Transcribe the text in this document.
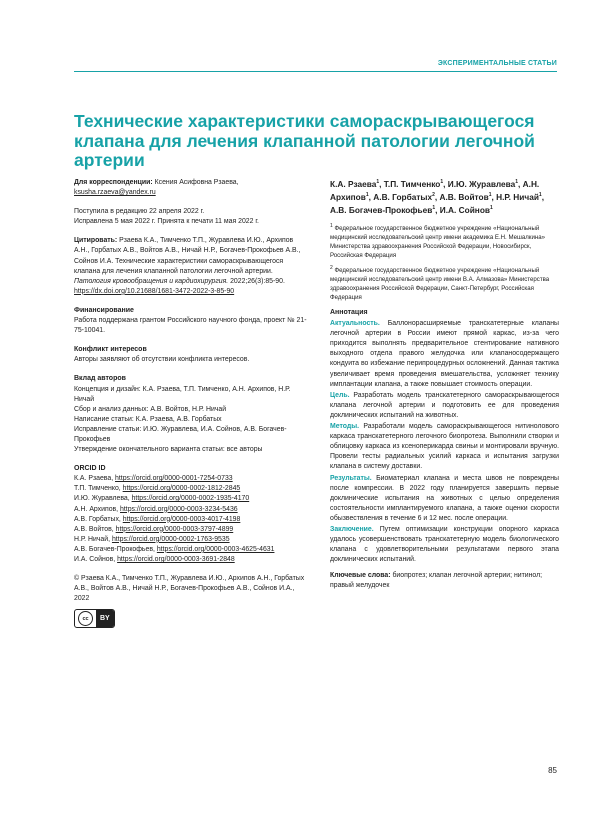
ЭКСПЕРИМЕНТАЛЬНЫЕ СТАТЬИ
Технические характеристики самораскрывающегося клапана для лечения клапанной патологии легочной артерии

Для корреспонденции: Ксения Асифовна Рзаева,

ksusha.rzaeva@yandex.ru

Поступила в редакцию 22 апреля 2022 г.

Исправлена 5 мая 2022 г. Принята к печати 11 мая 2022 г.

Цитировать: Рзаева К.А., Тимченко Т.П., Журавлева И.Ю., Архипов А.Н., Горбатых А.В., Войтов А.В., Ничай Н.Р., Богачев-Прокофьев А.В., Сойнов И.А. Технические характеристики самораскрывающегося клапана для лечения клапанной патологии легочной артерии. Патология кровообращения и кардиохирургия. 2022;26(3):85-90. https://dx.doi.org/10.21688/1681-3472-2022-3-85-90

Финансирование

Работа поддержана грантом Российского научного фонда, проект № 21-75-10041.

Конфликт интересов

Авторы заявляют об отсутствии конфликта интересов.

Вклад авторов

Концепция и дизайн: К.А. Рзаева, Т.П. Тимченко, А.Н. Архипов, Н.Р. Ничай

Сбор и анализ данных: А.В. Войтов, Н.Р. Ничай

Написание статьи: К.А. Рзаева, А.В. Горбатых

Исправление статьи: И.Ю. Журавлева, И.А. Сойнов, А.В. Богачев-Прокофьев

Утверждение окончательного варианта статьи: все авторы

ORCID ID

К.А. Рзаева, https://orcid.org/0000-0001-7254-0733

Т.П. Тимченко, https://orcid.org/0000-0002-1812-2845

И.Ю. Журавлева, https://orcid.org/0000-0002-1935-4170

А.Н. Архипов, https://orcid.org/0000-0003-3234-5436

А.В. Горбатых, https://orcid.org/0000-0003-4017-4198

А.В. Войтов, https://orcid.org/0000-0003-3797-4899

Н.Р. Ничай, https://orcid.org/0000-0002-1763-9535

А.В. Богачев-Прокофьев, https://orcid.org/0000-0003-4625-4631

И.А. Сойнов, https://orcid.org/0000-0003-3691-2848

© Рзаева К.А., Тимченко Т.П., Журавлева И.Ю., Архипов А.Н., Горбатых А.В., Войтов А.В., Ничай Н.Р., Богачев-Прокофьев А.В., Сойнов И.А., 2022

cc	BY

К.А. Рзаева$^1$, Т.П. Тимченко$^1$, И.Ю. Журавлева$^1$, А.Н. Архипов$^1$, А.В. Горбатых$^2$, А.В. Войтов$^1$, Н.Р. Ничай$^1$, А.В. Богачев-Прокофьев$^1$, И.А. Сойнов$^1$

$^1$ Федеральное государственное бюджетное учреждение «Национальный медицинский исследовательский центр имени академика Е.Н. Мешалкина» Министерства здравоохранения Российской Федерации, Новосибирск, Российская Федерация

$^2$ Федеральное государственное бюджетное учреждение «Национальный медицинский исследовательский центр имени В.А. Алмазова» Министерства здравоохранения Российской Федерации, Санкт-Петербург, Российская Федерация

Аннотация

Актуальность. Баллонорасширяемые транскатетерные клапаны легочной артерии в России имеют прямой каркас, из-за чего приходится выполнять предварительное стентирование нативного выходного отдела правого желудочка или клапаносодержащего кондуита во избежание перипроцедурных осложнений. Данная тактика увеличивает время проведения вмешательства, усложняет технику имплантации клапана, а также повышает стоимость операции.

Цель. Разработать модель транскатетерного самораскрывающегося клапана легочной артерии и подготовить ее для проведения доклинических испытаний на животных.

Методы. Разработали модель самораскрывающегося нитинолового каркаса транскатетерного легочного биопротеза. Выполнили створки и облицовку каркаса из ксеноперикарда свиньи и монтировали вручную. Провели тесты радиальных усилий каркаса и испытания загрузки клапана в систему доставки.

Результаты. Биоматериал клапана и места швов не повреждены после компрессии. В 2022 году планируется завершить первые доклинические испытания на животных с целью определения состоятельности имплантируемого клапана, а также оценки скорости обызвествления в течение 6 и 12 мес. после операции.

Заключение. Путем оптимизации конструкции опорного каркаса удалось усовершенствовать транскатетерную модель биологического клапана с удовлетворительными результатами первого этапа доклинических испытаний.

Ключевые слова: биопротез; клапан легочной артерии; нитинол; правый желудочек

85
